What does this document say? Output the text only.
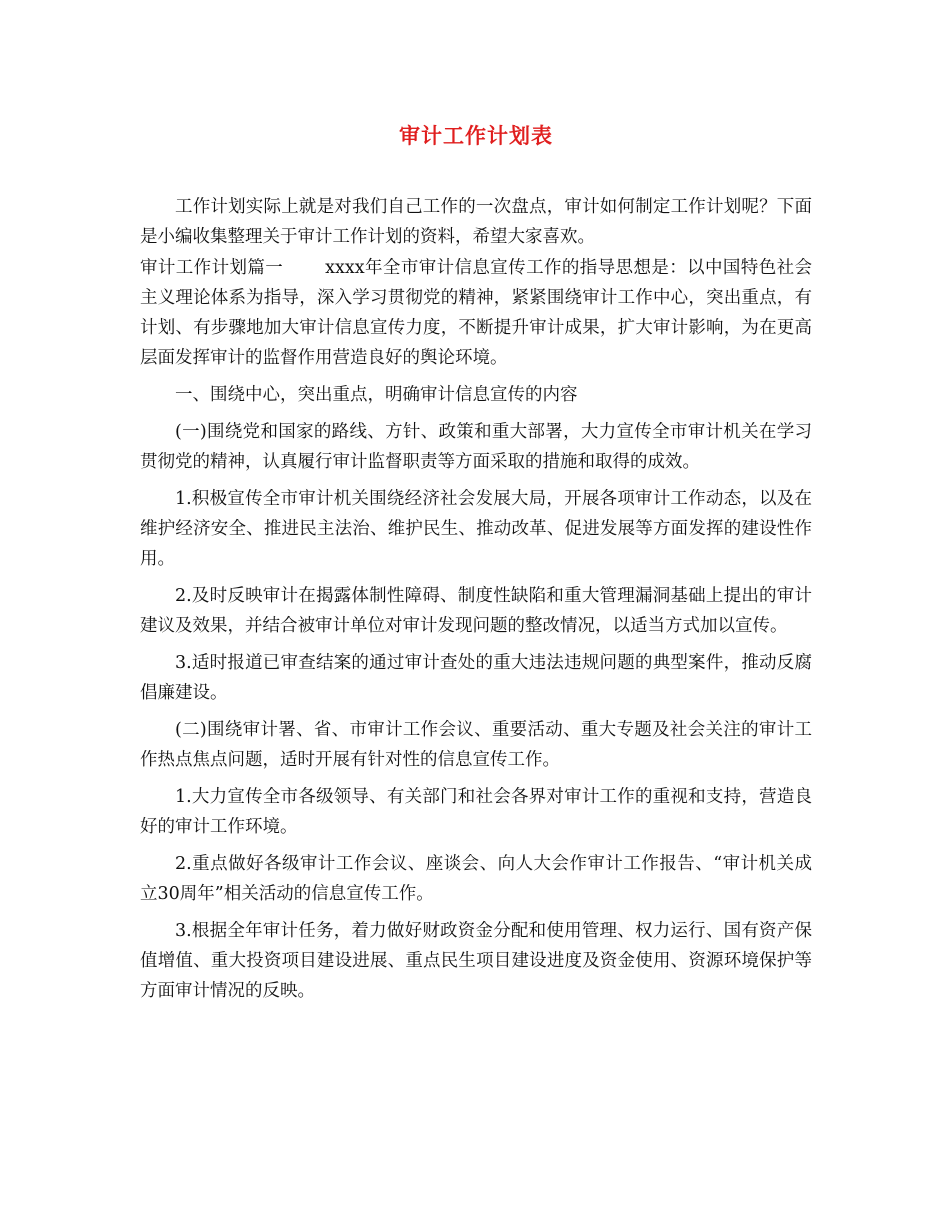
审计工作计划表

工作计划实际上就是对我们自己工作的一次盘点，审计如何制定工作计划呢？下面是小编收集整理关于审计工作计划的资料，希望大家喜欢。

审计工作计划篇一 xxxx年全市审计信息宣传工作的指导思想是：以中国特色社会主义理论体系为指导，深入学习贯彻党的精神，紧紧围绕审计工作中心，突出重点，有计划、有步骤地加大审计信息宣传力度，不断提升审计成果，扩大审计影响，为在更高层面发挥审计的监督作用营造良好的舆论环境。

一、围绕中心，突出重点，明确审计信息宣传的内容

(一)围绕党和国家的路线、方针、政策和重大部署，大力宣传全市审计机关在学习贯彻党的精神，认真履行审计监督职责等方面采取的措施和取得的成效。

1.积极宣传全市审计机关围绕经济社会发展大局，开展各项审计工作动态，以及在维护经济安全、推进民主法治、维护民生、推动改革、促进发展等方面发挥的建设性作用。

2.及时反映审计在揭露体制性障碍、制度性缺陷和重大管理漏洞基础上提出的审计建议及效果，并结合被审计单位对审计发现问题的整改情况，以适当方式加以宣传。

3.适时报道已审查结案的通过审计查处的重大违法违规问题的典型案件，推动反腐倡廉建设。

(二)围绕审计署、省、市审计工作会议、重要活动、重大专题及社会关注的审计工作热点焦点问题，适时开展有针对性的信息宣传工作。

1.大力宣传全市各级领导、有关部门和社会各界对审计工作的重视和支持，营造良好的审计工作环境。

2.重点做好各级审计工作会议、座谈会、向人大会作审计工作报告、“审计机关成立30周年”相关活动的信息宣传工作。

3.根据全年审计任务，着力做好财政资金分配和使用管理、权力运行、国有资产保值增值、重大投资项目建设进展、重点民生项目建设进度及资金使用、资源环境保护等方面审计情况的反映。
